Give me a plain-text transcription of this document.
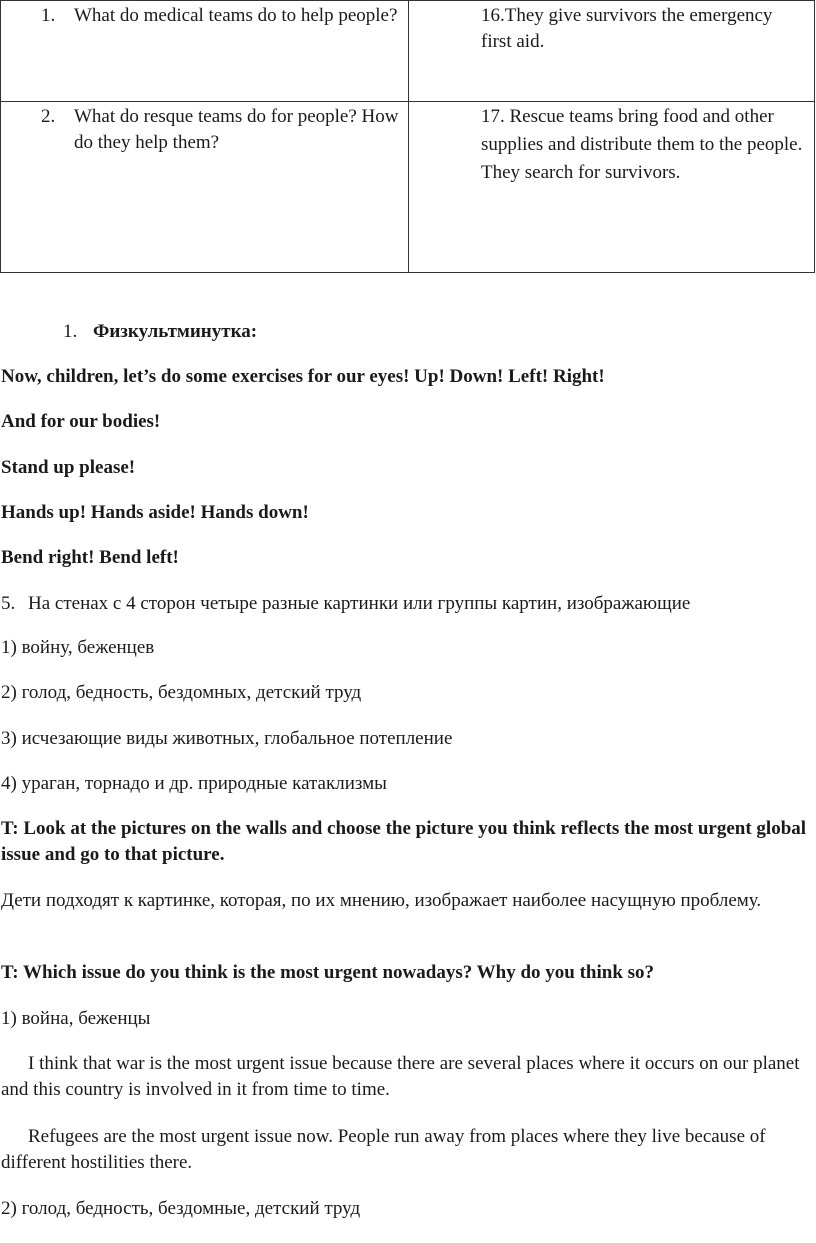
1. What do medical teams do to help people?	16.They give survivors the emergency first aid.

2. What do resque teams do for people? How do they help them?	17. Rescue teams bring food and other supplies and distribute them to the people. They search for survivors.
1. Физкультминутка:
Now, children, let’s do some exercises for our eyes! Up! Down! Left! Right!
And for our bodies!
Stand up please!
Hands up! Hands aside! Hands down!
Bend right! Bend left!
5. На стенах с 4 сторон четыре разные картинки или группы картин, изображающие
1) войну, беженцев
2) голод, бедность, бездомных, детский труд
3) исчезающие виды животных, глобальное потепление
4) ураган, торнадо и др. природные катаклизмы
T: Look at the pictures on the walls and choose the picture you think reflects the most urgent global issue and go to that picture.
Дети подходят к картинке, которая, по их мнению, изображает наиболее насущную проблему.
T: Which issue do you think is the most urgent nowadays? Why do you think so?
1) война, беженцы
I think that war is the most urgent issue because there are several places where it occurs on our planet and this country is involved in it from time to time.
Refugees are the most urgent issue now. People run away from places where they live because of different hostilities there.
2) голод, бедность, бездомные, детский труд
